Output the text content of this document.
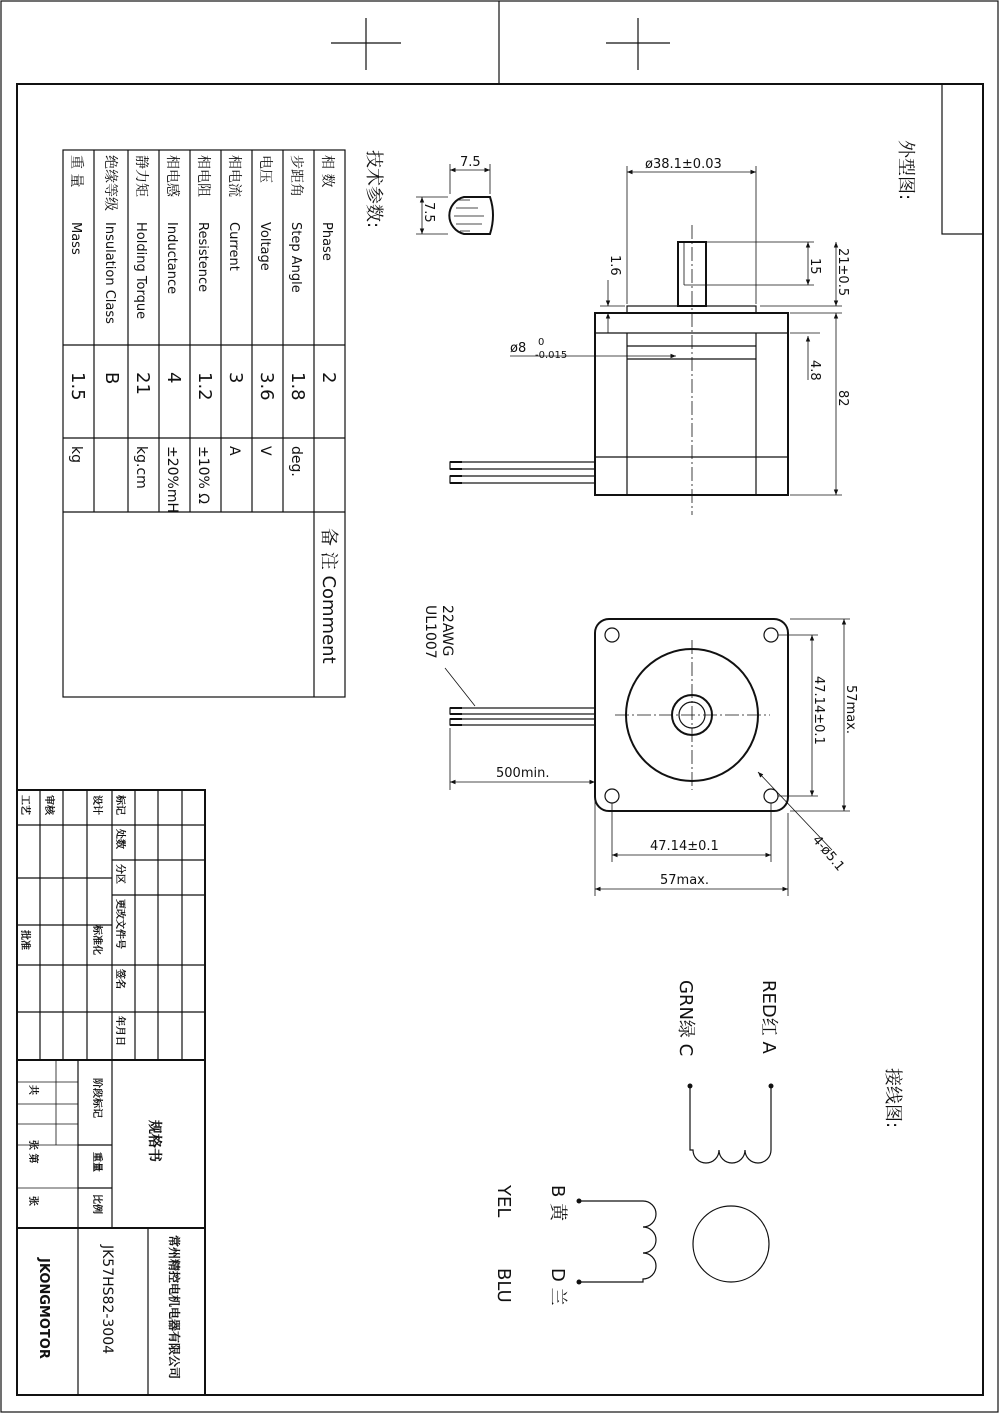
外型图:
技术参数:
接线图:
相 数
Phase
2
步距角
Step Angle
1.8
deg.
电压
Voltage
3.6
V
相电流
Current
3
A
相电阻
Resistence
1.2
±10% Ω
相电感
Inductance
4
±20%mH
静力矩
Holding Torque
21
kg.cm
绝缘等级
Insulation Class
B
重 量
Mass
1.5
kg
备 注 Comment
7.5
7.5
ø38.1±0.03
ø8 0
-0.015
1.6	15 21±0.5
82
4.8
22AWG
UL1007
500min.
47.14±0.1
57max.
47.14±0.1 57max.
4-ø5.1
RED红 A
GRN绿 C
B 黄
YEL
D 兰
BLU
标记
处数
分区
更改文件号
签名
年月日
设计
审核
工艺
标准化
批准
阶段标记
重量
比例
共
张 第
张
规格书
常州精控电机电器有限公司
JK57HS82-3004
JKONGMOTOR
